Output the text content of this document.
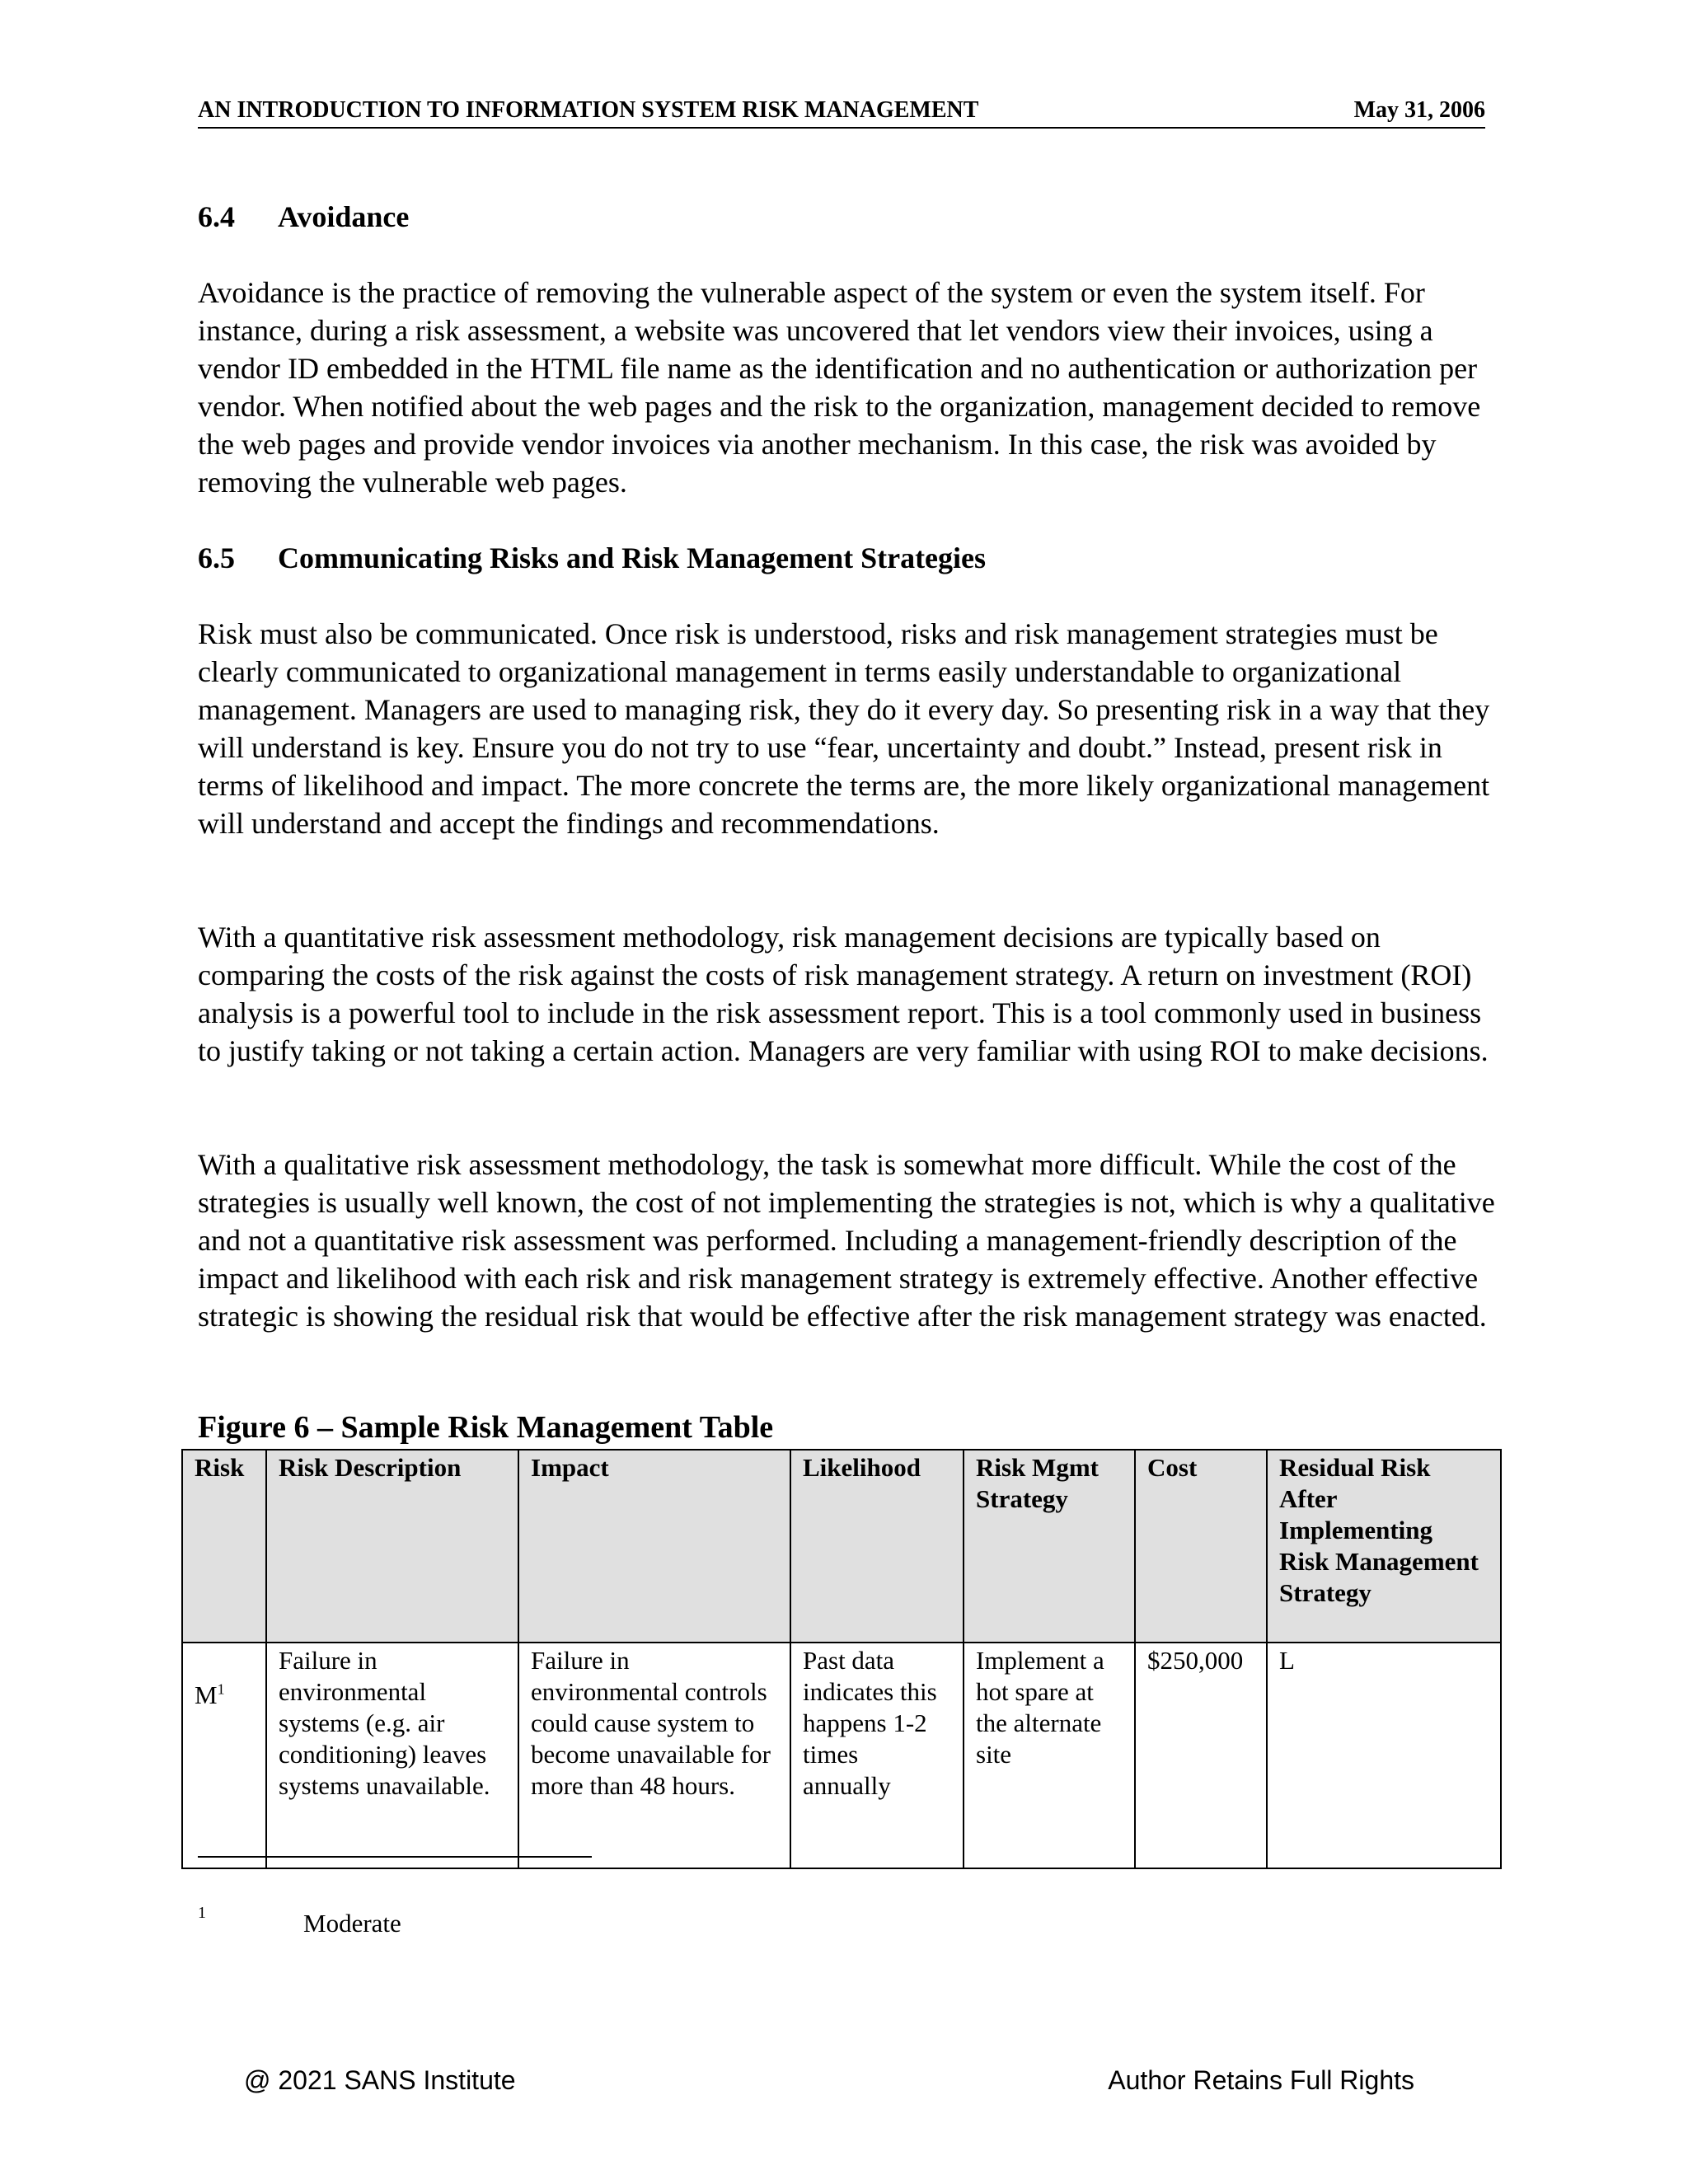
AN INTRODUCTION TO INFORMATION SYSTEM RISK MANAGEMENT	May 31, 2006
6.4 Avoidance

Avoidance is the practice of removing the vulnerable aspect of the system or even the system itself. For instance, during a risk assessment, a website was uncovered that let vendors view their invoices, using a vendor ID embedded in the HTML file name as the identification and no authentication or authorization per vendor. When notified about the web pages and the risk to the organization, management decided to remove the web pages and provide vendor invoices via another mechanism. In this case, the risk was avoided by removing the vulnerable web pages.

6.5 Communicating Risks and Risk Management Strategies

Risk must also be communicated. Once risk is understood, risks and risk management strategies must be clearly communicated to organizational management in terms easily understandable to organizational management. Managers are used to managing risk, they do it every day. So presenting risk in a way that they will understand is key. Ensure you do not try to use “fear, uncertainty and doubt.” Instead, present risk in terms of likelihood and impact. The more concrete the terms are, the more likely organizational management will understand and accept the findings and recommendations.

With a quantitative risk assessment methodology, risk management decisions are typically based on comparing the costs of the risk against the costs of risk management strategy. A return on investment (ROI) analysis is a powerful tool to include in the risk assessment report. This is a tool commonly used in business to justify taking or not taking a certain action. Managers are very familiar with using ROI to make decisions.

With a qualitative risk assessment methodology, the task is somewhat more difficult. While the cost of the strategies is usually well known, the cost of not implementing the strategies is not, which is why a qualitative and not a quantitative risk assessment was performed. Including a management-friendly description of the impact and likelihood with each risk and risk management strategy is extremely effective. Another effective strategic is showing the residual risk that would be effective after the risk management strategy was enacted.

Figure 6 – Sample Risk Management Table
Risk	Risk Description	Impact	Likelihood	Risk Mgmt Strategy	Cost	Residual Risk After Implementing Risk Management Strategy
$M^1$	Failure in environmental systems (e.g. air conditioning) leaves systems unavailable.	Failure in environmental controls could cause system to become unavailable for more than 48 hours.	Past data indicates this happens 1-2 times annually	Implement a hot spare at the alternate site	$250,000	L
1	Moderate
@ 2021 SANS Institute	Author Retains Full Rights
